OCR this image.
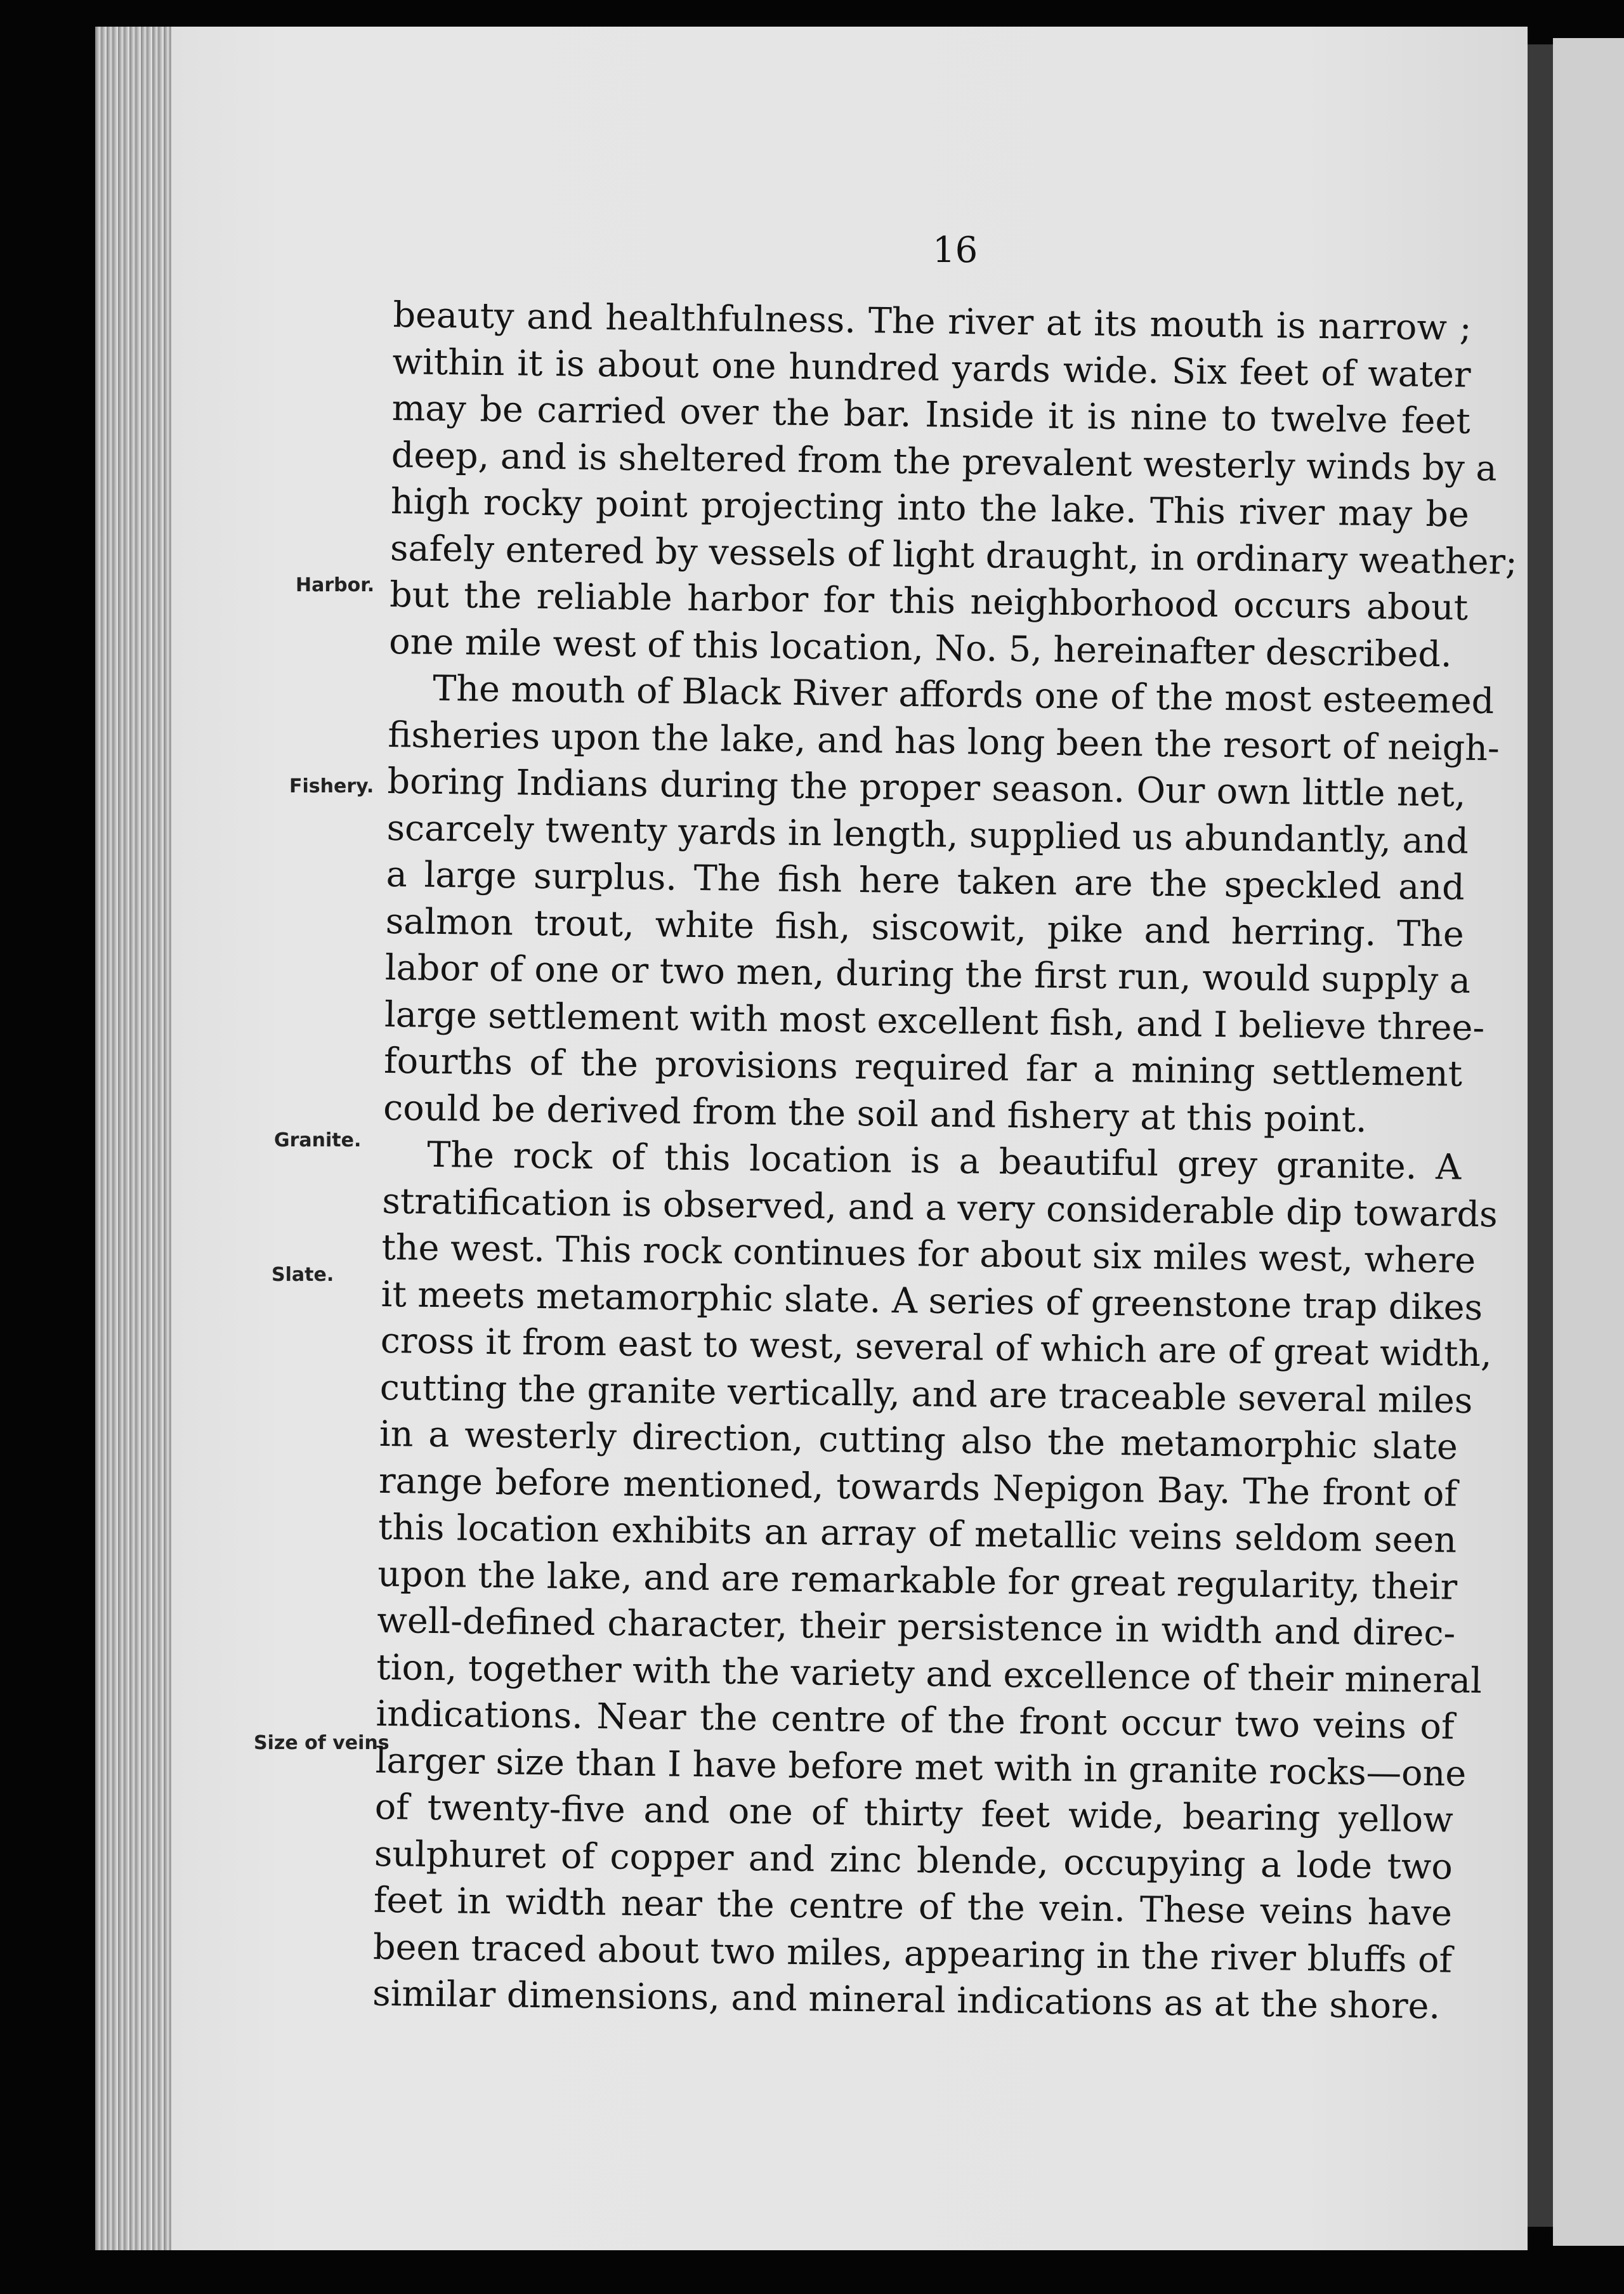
16
Harbor.
Fishery.
Granite.
Slate.
Size of veins

beauty and healthfulness. The river at its mouth is narrow ;

within it is about one hundred yards wide. Six feet of water

may be carried over the bar. Inside it is nine to twelve feet

deep, and is sheltered from the prevalent westerly winds by a

high rocky point projecting into the lake. This river may be

safely entered by vessels of light draught, in ordinary weather;

but the reliable harbor for this neighborhood occurs about

one mile west of this location, No. 5, hereinafter described.

The mouth of Black River affords one of the most esteemed

fisheries upon the lake, and has long been the resort of neigh-

boring Indians during the proper season. Our own little net,

scarcely twenty yards in length, supplied us abundantly, and

a large surplus. The fish here taken are the speckled and

salmon trout, white fish, siscowit, pike and herring. The

labor of one or two men, during the first run, would supply a

large settlement with most excellent fish, and I believe three-

fourths of the provisions required far a mining settlement

could be derived from the soil and fishery at this point.

The rock of this location is a beautiful grey granite. A

stratification is observed, and a very considerable dip towards

the west. This rock continues for about six miles west, where

it meets metamorphic slate. A series of greenstone trap dikes

cross it from east to west, several of which are of great width,

cutting the granite vertically, and are traceable several miles

in a westerly direction, cutting also the metamorphic slate

range before mentioned, towards Nepigon Bay. The front of

this location exhibits an array of metallic veins seldom seen

upon the lake, and are remarkable for great regularity, their

well-defined character, their persistence in width and direc-

tion, together with the variety and excellence of their mineral

indications. Near the centre of the front occur two veins of

larger size than I have before met with in granite rocks—one

of twenty-five and one of thirty feet wide, bearing yellow

sulphuret of copper and zinc blende, occupying a lode two

feet in width near the centre of the vein. These veins have

been traced about two miles, appearing in the river bluffs of

similar dimensions, and mineral indications as at the shore.
